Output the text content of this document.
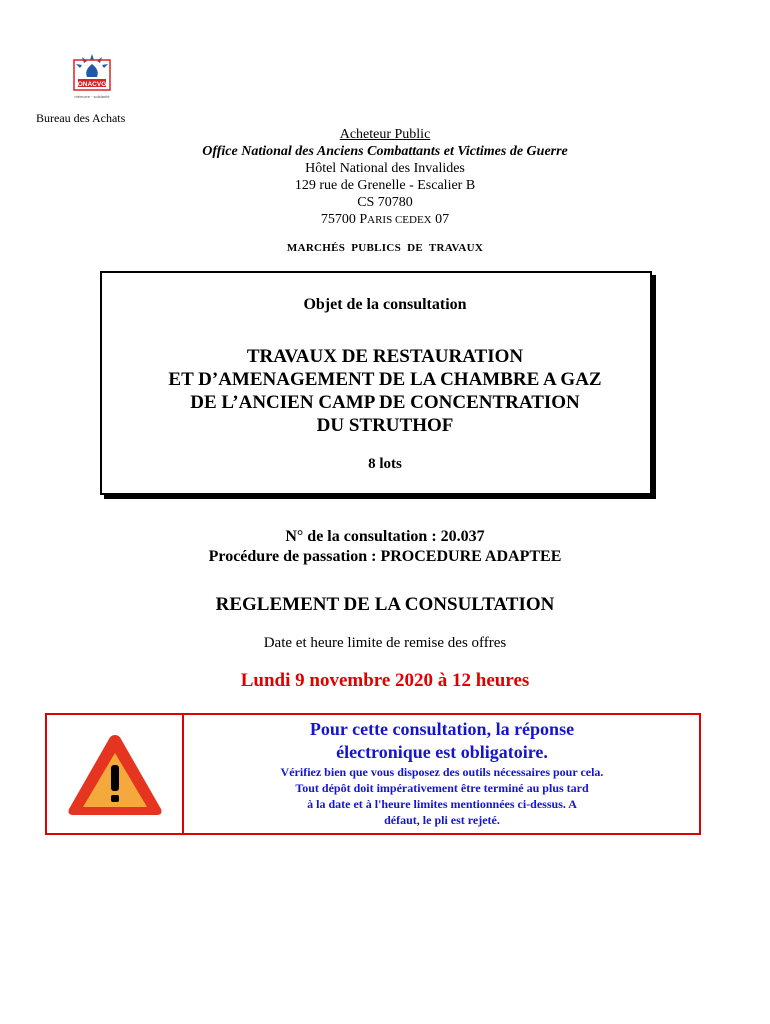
ONACVG
mémoire · solidarité
Bureau des Achats
Acheteur Public
Office National des Anciens Combattants et Victimes de Guerre
Hôtel National des Invalides
129 rue de Grenelle - Escalier B
CS 70780
75700 PARIS CEDEX 07
MARCHÉS PUBLICS DE TRAVAUX
Objet de la consultation
TRAVAUX DE RESTAURATION
ET D’AMENAGEMENT DE LA CHAMBRE A GAZ
DE L’ANCIEN CAMP DE CONCENTRATION
DU STRUTHOF
8 lots
N° de la consultation : 20.037
Procédure de passation : PROCEDURE ADAPTEE
REGLEMENT DE LA CONSULTATION
Date et heure limite de remise des offres
Lundi 9 novembre 2020 à 12 heures
Pour cette consultation, la réponse
électronique est obligatoire.
Vérifiez bien que vous disposez des outils nécessaires pour cela.
Tout dépôt doit impérativement être terminé au plus tard
à la date et à l'heure limites mentionnées ci-dessus. A
défaut, le pli est rejeté.
